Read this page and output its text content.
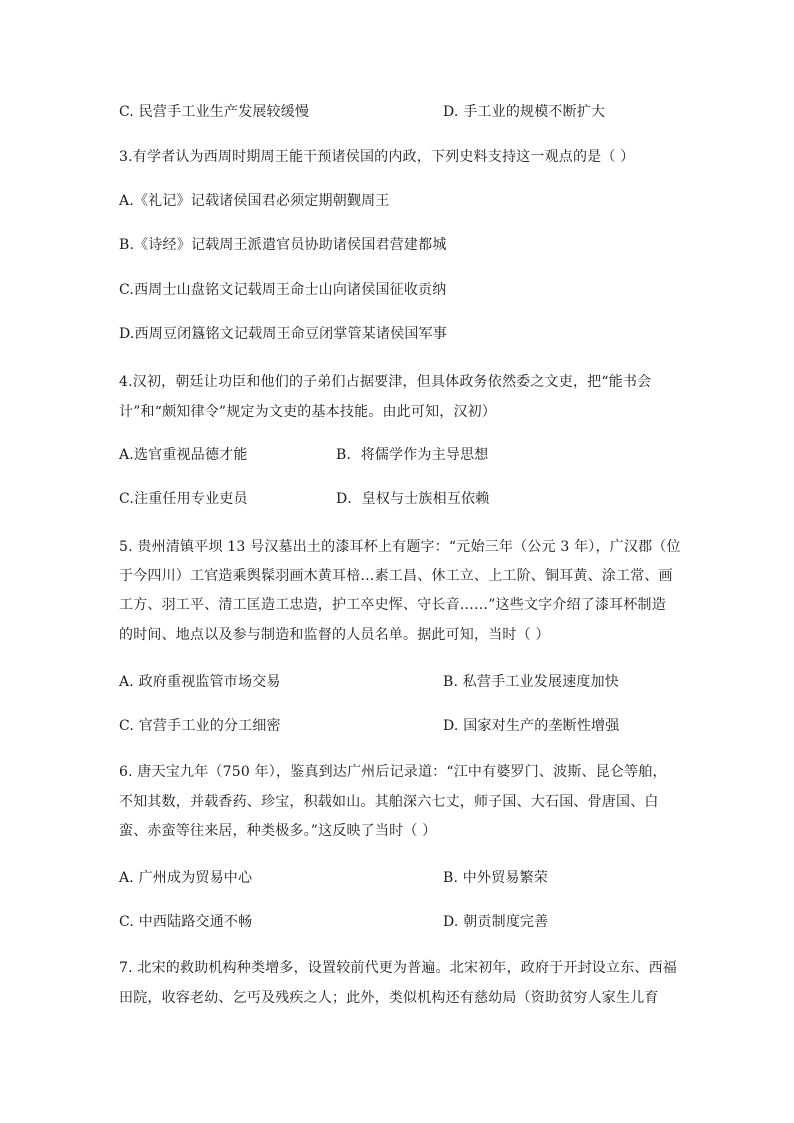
C. 民营手工业生产发展较缓慢	D. 手工业的规模不断扩大
3.有学者认为西周时期周王能干预诸侯国的内政，下列史料支持这一观点的是（ ）
A.《礼记》记载诸侯国君必须定期朝觐周王
B.《诗经》记载周王派遣官员协助诸侯国君营建都城
C.西周士山盘铭文记载周王命士山向诸侯国征收贡纳
D.西周豆闭簋铭文记载周王命豆闭掌管某诸侯国军事
4.汉初，朝廷让功臣和他们的子弟们占据要津，但具体政务依然委之文吏，把“能书会
计”和“颇知律令”规定为文吏的基本技能。由此可知，汉初）
A.选官重视品德才能	B．将儒学作为主导思想
C.注重任用专业吏员	D．皇权与士族相互依赖
5. 贵州清镇平坝 13 号汉墓出土的漆耳杯上有题字：“元始三年（公元 3 年），广汉郡（位
于今四川）工官造乘舆髹羽画木黄耳棓…素工昌、休工立、上工阶、铜耳黄、涂工常、画
工方、羽工平、清工匡造工忠造，护工卒史恽、守长音……”这些文字介绍了漆耳杯制造
的时间、地点以及参与制造和监督的人员名单。据此可知，当时（ ）
A. 政府重视监管市场交易	B. 私营手工业发展速度加快
C. 官营手工业的分工细密	D. 国家对生产的垄断性增强
6. 唐天宝九年（750 年），鉴真到达广州后记录道：“江中有婆罗门、波斯、昆仑等舶，
不知其数，并载香药、珍宝，积载如山。其舶深六七丈，师子国、大石国、骨唐国、白
蛮、赤蛮等往来居，种类极多。”这反映了当时（ ）
A. 广州成为贸易中心	B. 中外贸易繁荣
C. 中西陆路交通不畅	D. 朝贡制度完善
7. 北宋的救助机构种类增多，设置较前代更为普遍。北宋初年，政府于开封设立东、西福
田院，收容老幼、乞丐及残疾之人；此外，类似机构还有慈幼局（资助贫穷人家生儿育
